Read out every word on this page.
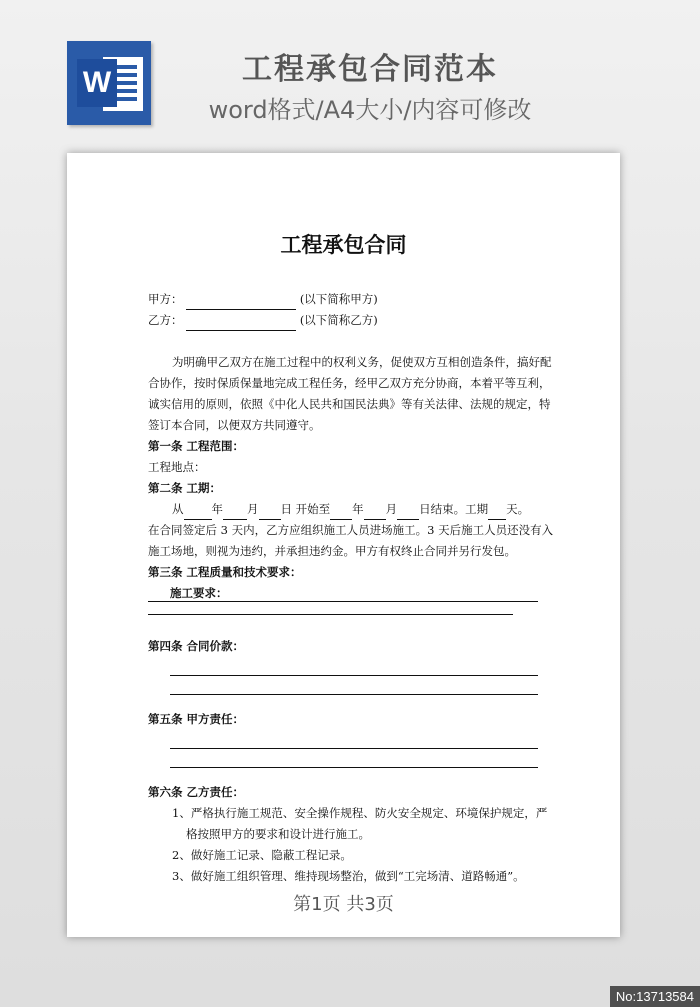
W	工程承包合同范本
word格式/A4大小/内容可修改
工程承包合同
甲方：	(以下简称甲方)
乙方：	(以下简称乙方)
为明确甲乙双方在施工过程中的权利义务，促使双方互相创造条件，搞好配
合协作，按时保质保量地完成工程任务，经甲乙双方充分协商，本着平等互利，
诚实信用的原则，依照《中化人民共和国民法典》等有关法律、法规的规定，特
签订本合同，以便双方共同遵守。
第一条 工程范围：
工程地点：
第二条 工期：
从 年 月 日 开始至 年 月 日结束。工期 天。
在合同签定后 3 天内，乙方应组织施工人员进场施工。3 天后施工人员还没有入
施工场地，则视为违约，并承担违约金。甲方有权终止合同并另行发包。
第三条 工程质量和技术要求：
施工要求：
第四条 合同价款：
第五条 甲方责任：
第六条 乙方责任：
1、严格执行施工规范、安全操作规程、防火安全规定、环境保护规定，严
格按照甲方的要求和设计进行施工。
2、做好施工记录、隐蔽工程记录。
3、做好施工组织管理、维持现场整治，做到“工完场清、道路畅通”。
第1页 共3页
No:13713584
